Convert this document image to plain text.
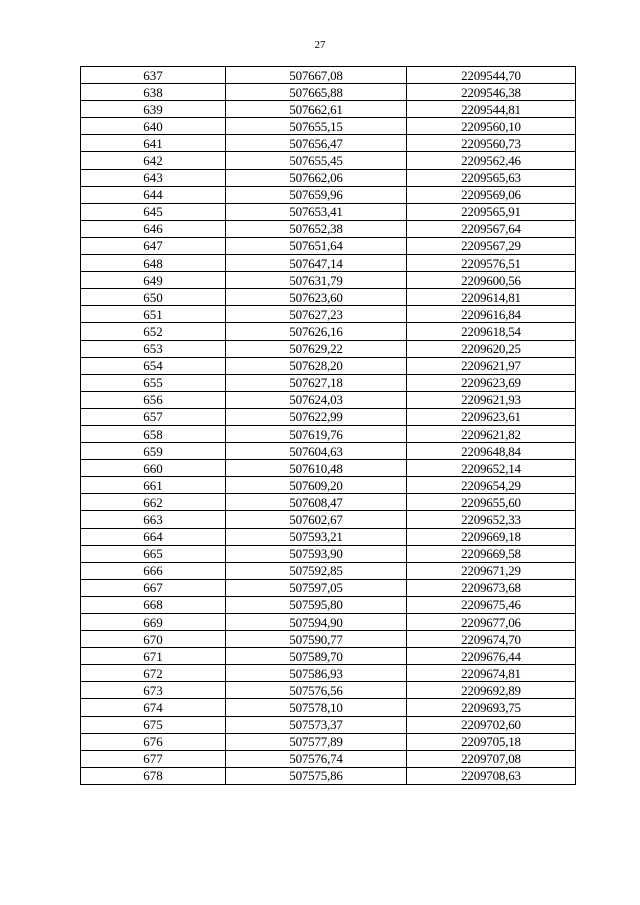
27
637	507667,08	2209544,70
638	507665,88	2209546,38
639	507662,61	2209544,81
640	507655,15	2209560,10
641	507656,47	2209560,73
642	507655,45	2209562,46
643	507662,06	2209565,63
644	507659,96	2209569,06
645	507653,41	2209565,91
646	507652,38	2209567,64
647	507651,64	2209567,29
648	507647,14	2209576,51
649	507631,79	2209600,56
650	507623,60	2209614,81
651	507627,23	2209616,84
652	507626,16	2209618,54
653	507629,22	2209620,25
654	507628,20	2209621,97
655	507627,18	2209623,69
656	507624,03	2209621,93
657	507622,99	2209623,61
658	507619,76	2209621,82
659	507604,63	2209648,84
660	507610,48	2209652,14
661	507609,20	2209654,29
662	507608,47	2209655,60
663	507602,67	2209652,33
664	507593,21	2209669,18
665	507593,90	2209669,58
666	507592,85	2209671,29
667	507597,05	2209673,68
668	507595,80	2209675,46
669	507594,90	2209677,06
670	507590,77	2209674,70
671	507589,70	2209676,44
672	507586,93	2209674,81
673	507576,56	2209692,89
674	507578,10	2209693,75
675	507573,37	2209702,60
676	507577,89	2209705,18
677	507576,74	2209707,08
678	507575,86	2209708,63
